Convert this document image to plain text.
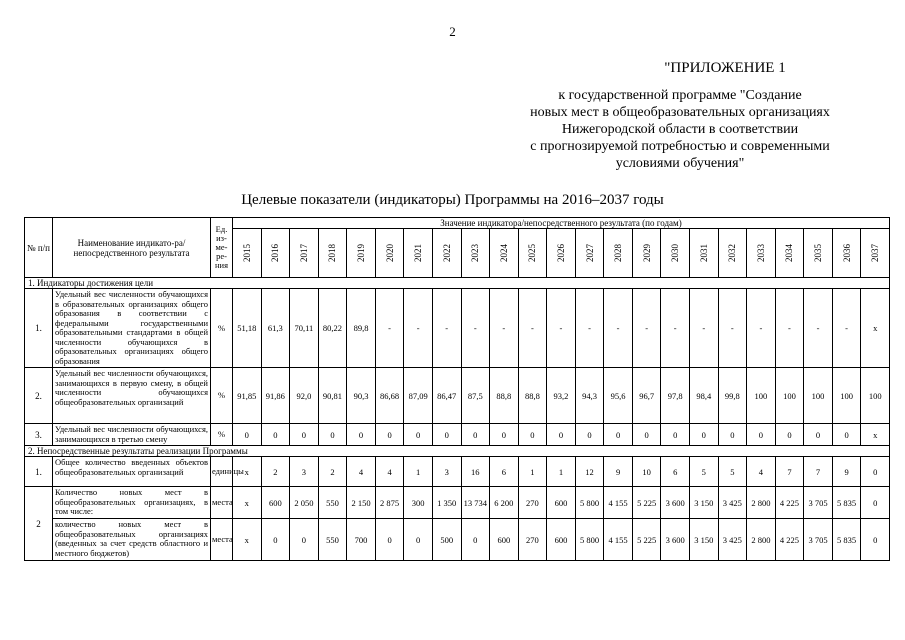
2
"ПРИЛОЖЕНИЕ 1
к государственной программе "Создание
новых мест в общеобразовательных организациях
Нижегородской области в соответствии
с прогнозируемой потребностью и современными
условиями обучения"
Целевые показатели (индикаторы) Программы на 2016–2037 годы
№ п/п	Наименование индикато-ра/непосредственного результата	Ед. из-ме-ре-ния	Значение индикатора/непосредственного результата (по годам)																						
			2015	2016	2017	2018	2019	2020	2021	2022	2023	2024	2025	2026	2027	2028	2029	2030	2031	2032	2033	2034	2035	2036	2037
1. Индикаторы достижения цели																									
1.	Удельный вес численности обучающихся в образовательных организациях общего образования в соответствии с федеральными государственными образовательными стандартами в общей численности обучающихся в образовательных организациях общего образования	%	51,18	61,3	70,11	80,22	89,8	-	-	-	-	-	-	-	-	-	-	-	-	-	-	-	-	-	x
2.	Удельный вес численности обучающихся, занимающихся в первую смену, в общей численности обучающихся общеобразовательных организаций	%	91,85	91,86	92,0	90,81	90,3	86,68	87,09	86,47	87,5	88,8	88,8	93,2	94,3	95,6	96,7	97,8	98,4	99,8	100	100	100	100	100
3.	Удельный вес численности обучающихся, занимающихся в третью смену	%	0	0	0	0	0	0	0	0	0	0	0	0	0	0	0	0	0	0	0	0	0	0	x
2. Непосредственные результаты реализации Программы																									
1.	Общее количество введенных объектов общеобразовательных организаций	единицы	x	2	3	2	4	4	1	3	16	6	1	1	12	9	10	6	5	5	4	7	7	9	0
2	Количество новых мест в общеобразовательных организациях, в том числе:	места	x	600	2 050	550	2 150	2 875	300	1 350	13 734	6 200	270	600	5 800	4 155	5 225	3 600	3 150	3 425	2 800	4 225	3 705	5 835	0
	количество новых мест в общеобразовательных организациях (введенных за счет средств областного и местного бюджетов)	места	x	0	0	550	700	0	0	500	0	600	270	600	5 800	4 155	5 225	3 600	3 150	3 425	2 800	4 225	3 705	5 835	0
